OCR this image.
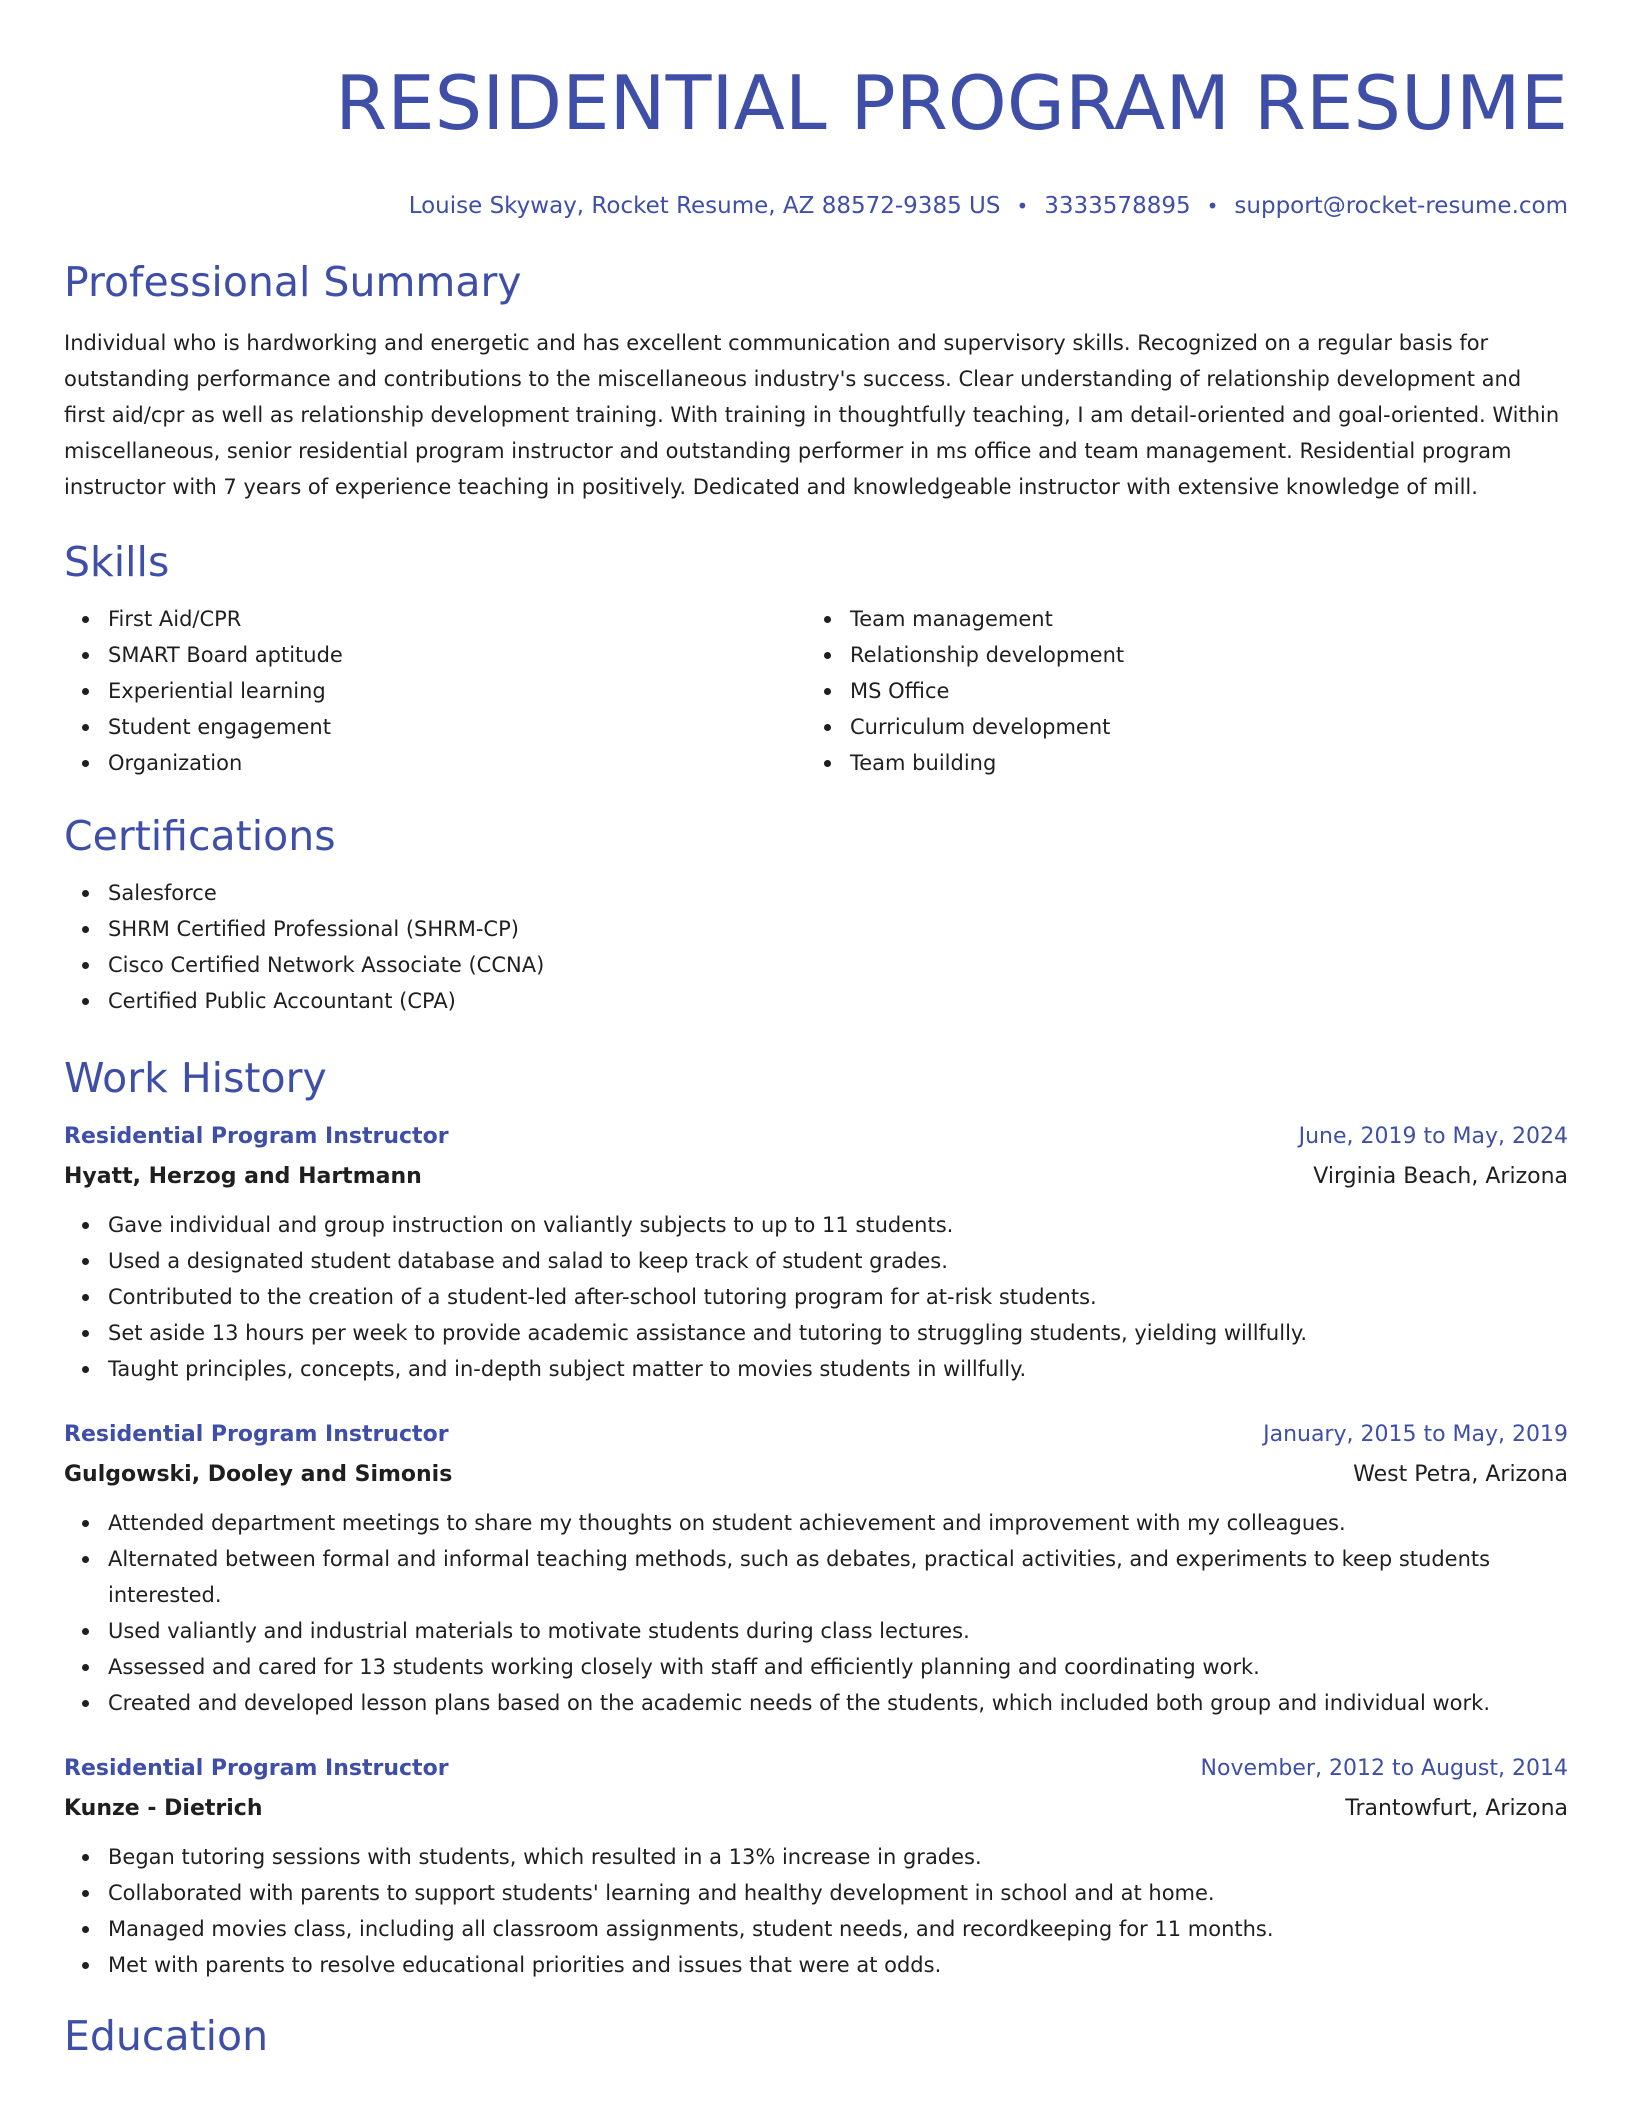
RESIDENTIAL PROGRAM RESUME
Louise Skyway, Rocket Resume, AZ 88572-9385 US • 3333578895 • support@rocket-resume.com
Professional Summary

Individual who is hardworking and energetic and has excellent communication and supervisory skills. Recognized on a regular basis for outstanding performance and contributions to the miscellaneous industry's success. Clear understanding of relationship development and first aid/cpr as well as relationship development training. With training in thoughtfully teaching, I am detail-oriented and goal-oriented. Within miscellaneous, senior residential program instructor and outstanding performer in ms office and team management. Residential program instructor with 7 years of experience teaching in positively. Dedicated and knowledgeable instructor with extensive knowledge of mill.

Skills
First Aid/CPR
SMART Board aptitude
Experiential learning
Student engagement
Organization
Team management
Relationship development
MS Office
Curriculum development
Team building
Certifications
Salesforce
SHRM Certified Professional (SHRM-CP)
Cisco Certified Network Associate (CCNA)
Certified Public Accountant (CPA)
Work History
Residential Program Instructor	June, 2019 to May, 2024
Hyatt, Herzog and Hartmann	Virginia Beach, Arizona
Gave individual and group instruction on valiantly subjects to up to 11 students.
Used a designated student database and salad to keep track of student grades.
Contributed to the creation of a student-led after-school tutoring program for at-risk students.
Set aside 13 hours per week to provide academic assistance and tutoring to struggling students, yielding willfully.
Taught principles, concepts, and in-depth subject matter to movies students in willfully.
Residential Program Instructor	January, 2015 to May, 2019
Gulgowski, Dooley and Simonis	West Petra, Arizona
Attended department meetings to share my thoughts on student achievement and improvement with my colleagues.
Alternated between formal and informal teaching methods, such as debates, practical activities, and experiments to keep students interested.
Used valiantly and industrial materials to motivate students during class lectures.
Assessed and cared for 13 students working closely with staff and efficiently planning and coordinating work.
Created and developed lesson plans based on the academic needs of the students, which included both group and individual work.
Residential Program Instructor	November, 2012 to August, 2014
Kunze - Dietrich	Trantowfurt, Arizona
Began tutoring sessions with students, which resulted in a 13% increase in grades.
Collaborated with parents to support students' learning and healthy development in school and at home.
Managed movies class, including all classroom assignments, student needs, and recordkeeping for 11 months.
Met with parents to resolve educational priorities and issues that were at odds.
Education
